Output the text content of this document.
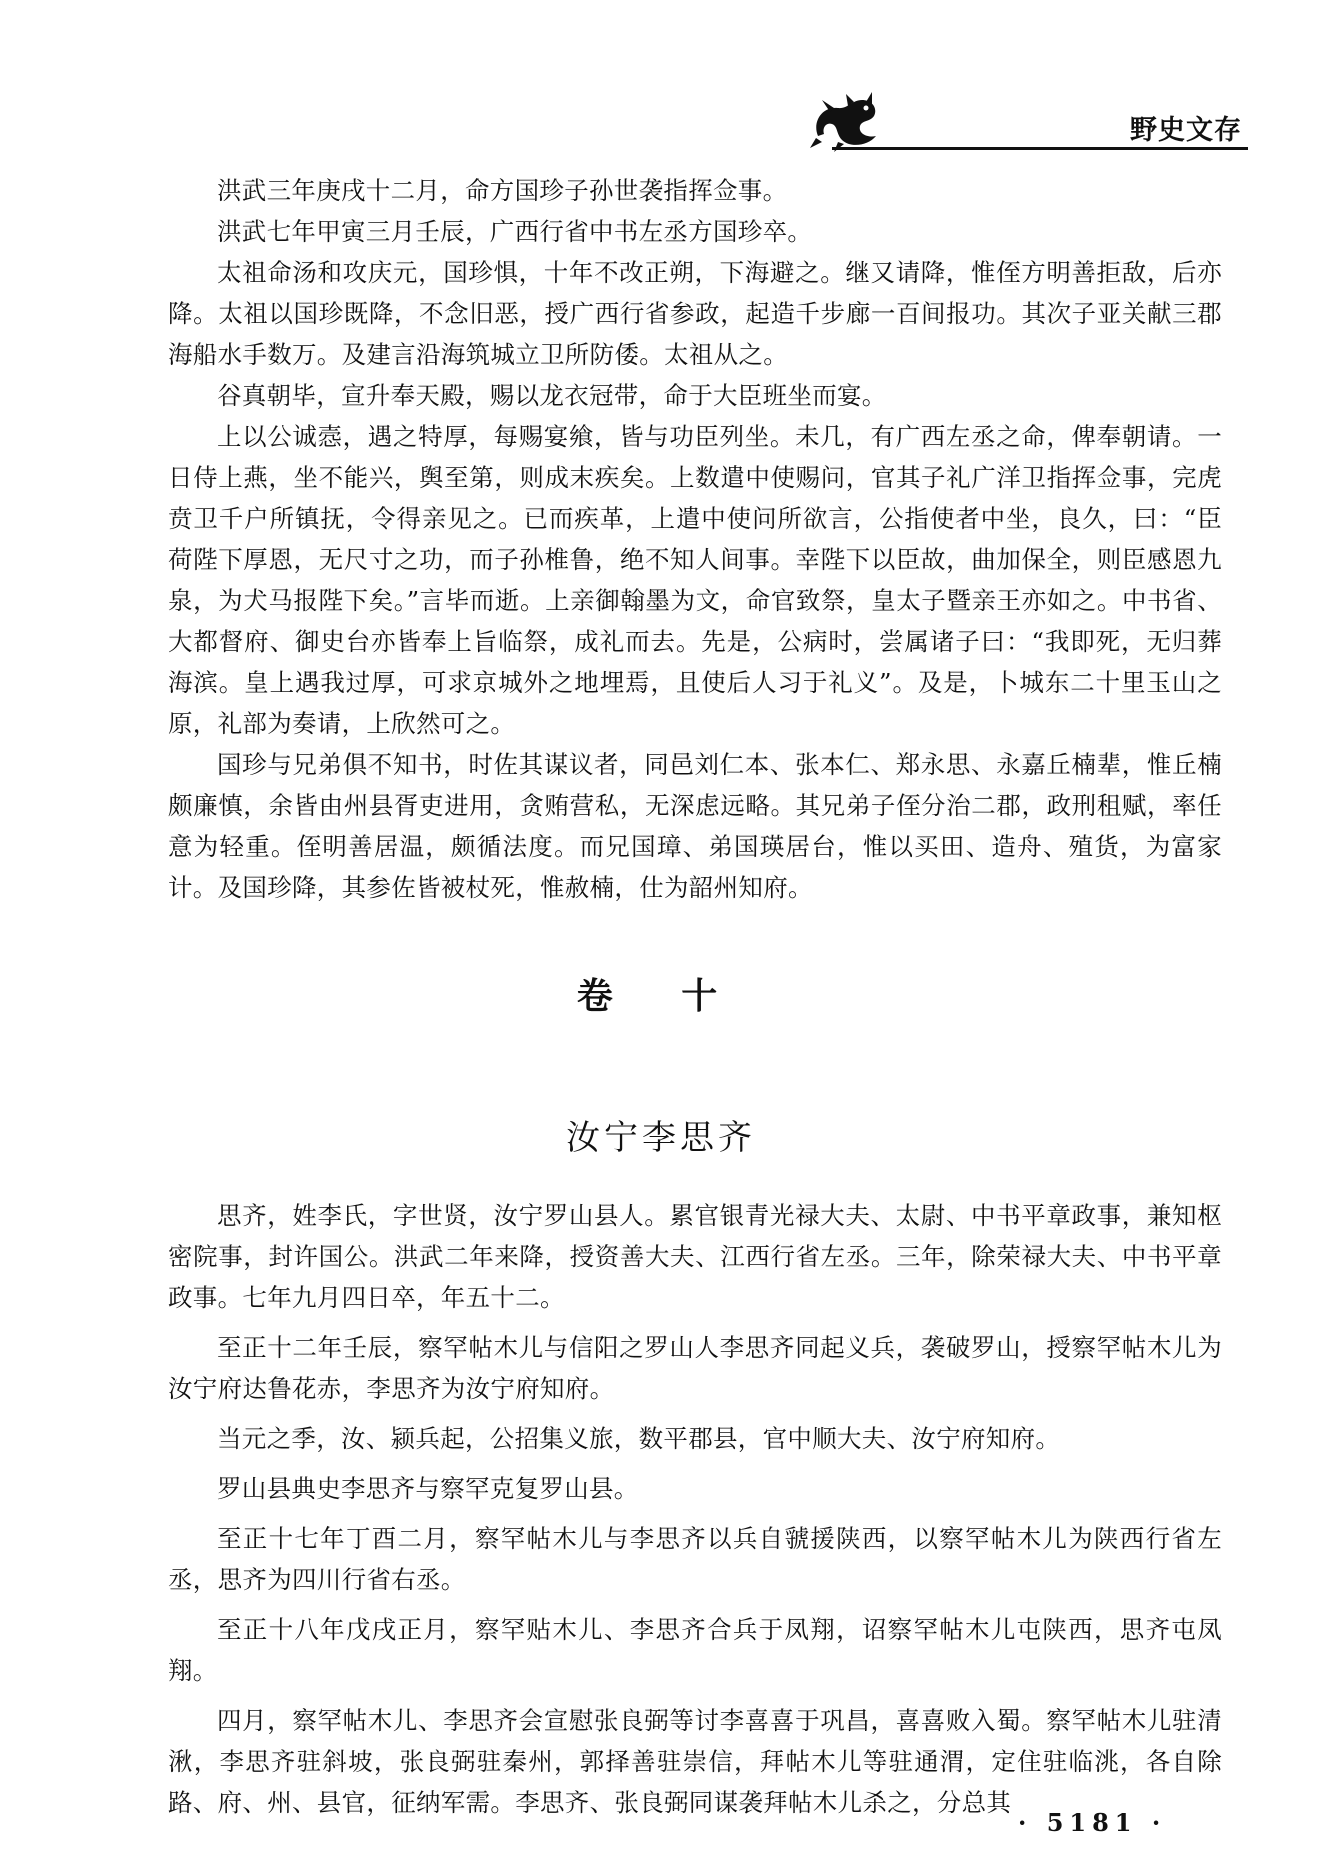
野史文存

洪武三年庚戌十二月，命方国珍子孙世袭指挥佥事。

洪武七年甲寅三月壬辰，广西行省中书左丞方国珍卒。

太祖命汤和攻庆元，国珍惧，十年不改正朔，下海避之。继又请降，惟侄方明善拒敌，后亦降。太祖以国珍既降，不念旧恶，授广西行省参政，起造千步廊一百间报功。其次子亚关献三郡海船水手数万。及建言沿海筑城立卫所防倭。太祖从之。

谷真朝毕，宣升奉天殿，赐以龙衣冠带，命于大臣班坐而宴。

上以公诚悫，遇之特厚，每赐宴飨，皆与功臣列坐。未几，有广西左丞之命，俾奉朝请。一日侍上燕，坐不能兴，舆至第，则成末疾矣。上数遣中使赐问，官其子礼广洋卫指挥佥事，完虎贲卫千户所镇抚，令得亲见之。已而疾革，上遣中使问所欲言，公指使者中坐，良久，曰：“臣荷陛下厚恩，无尺寸之功，而子孙椎鲁，绝不知人间事。幸陛下以臣故，曲加保全，则臣感恩九泉，为犬马报陛下矣。”言毕而逝。上亲御翰墨为文，命官致祭，皇太子暨亲王亦如之。中书省、大都督府、御史台亦皆奉上旨临祭，成礼而去。先是，公病时，尝属诸子曰：“我即死，无归葬海滨。皇上遇我过厚，可求京城外之地埋焉，且使后人习于礼义”。及是，卜城东二十里玉山之原，礼部为奏请，上欣然可之。

国珍与兄弟俱不知书，时佐其谋议者，同邑刘仁本、张本仁、郑永思、永嘉丘楠辈，惟丘楠颇廉慎，余皆由州县胥吏进用，贪贿营私，无深虑远略。其兄弟子侄分治二郡，政刑租赋，率任意为轻重。侄明善居温，颇循法度。而兄国璋、弟国瑛居台，惟以买田、造舟、殖货，为富家计。及国珍降，其参佐皆被杖死，惟赦楠，仕为韶州知府。

卷 十
汝宁李思齐

思齐，姓李氏，字世贤，汝宁罗山县人。累官银青光禄大夫、太尉、中书平章政事，兼知枢密院事，封许国公。洪武二年来降，授资善大夫、江西行省左丞。三年，除荣禄大夫、中书平章政事。七年九月四日卒，年五十二。

至正十二年壬辰，察罕帖木儿与信阳之罗山人李思齐同起义兵，袭破罗山，授察罕帖木儿为汝宁府达鲁花赤，李思齐为汝宁府知府。

当元之季，汝、颍兵起，公招集义旅，数平郡县，官中顺大夫、汝宁府知府。

罗山县典史李思齐与察罕克复罗山县。

至正十七年丁酉二月，察罕帖木儿与李思齐以兵自虢援陕西，以察罕帖木儿为陕西行省左丞，思齐为四川行省右丞。

至正十八年戊戌正月，察罕贴木儿、李思齐合兵于凤翔，诏察罕帖木儿屯陕西，思齐屯凤翔。

四月，察罕帖木儿、李思齐会宣慰张良弼等讨李喜喜于巩昌，喜喜败入蜀。察罕帖木儿驻清湫，李思齐驻斜坡，张良弼驻秦州，郭择善驻崇信，拜帖木儿等驻通渭，定住驻临洮，各自除路、府、州、县官，征纳军需。李思齐、张良弼同谋袭拜帖木儿杀之，分总其

· 5181 ·
